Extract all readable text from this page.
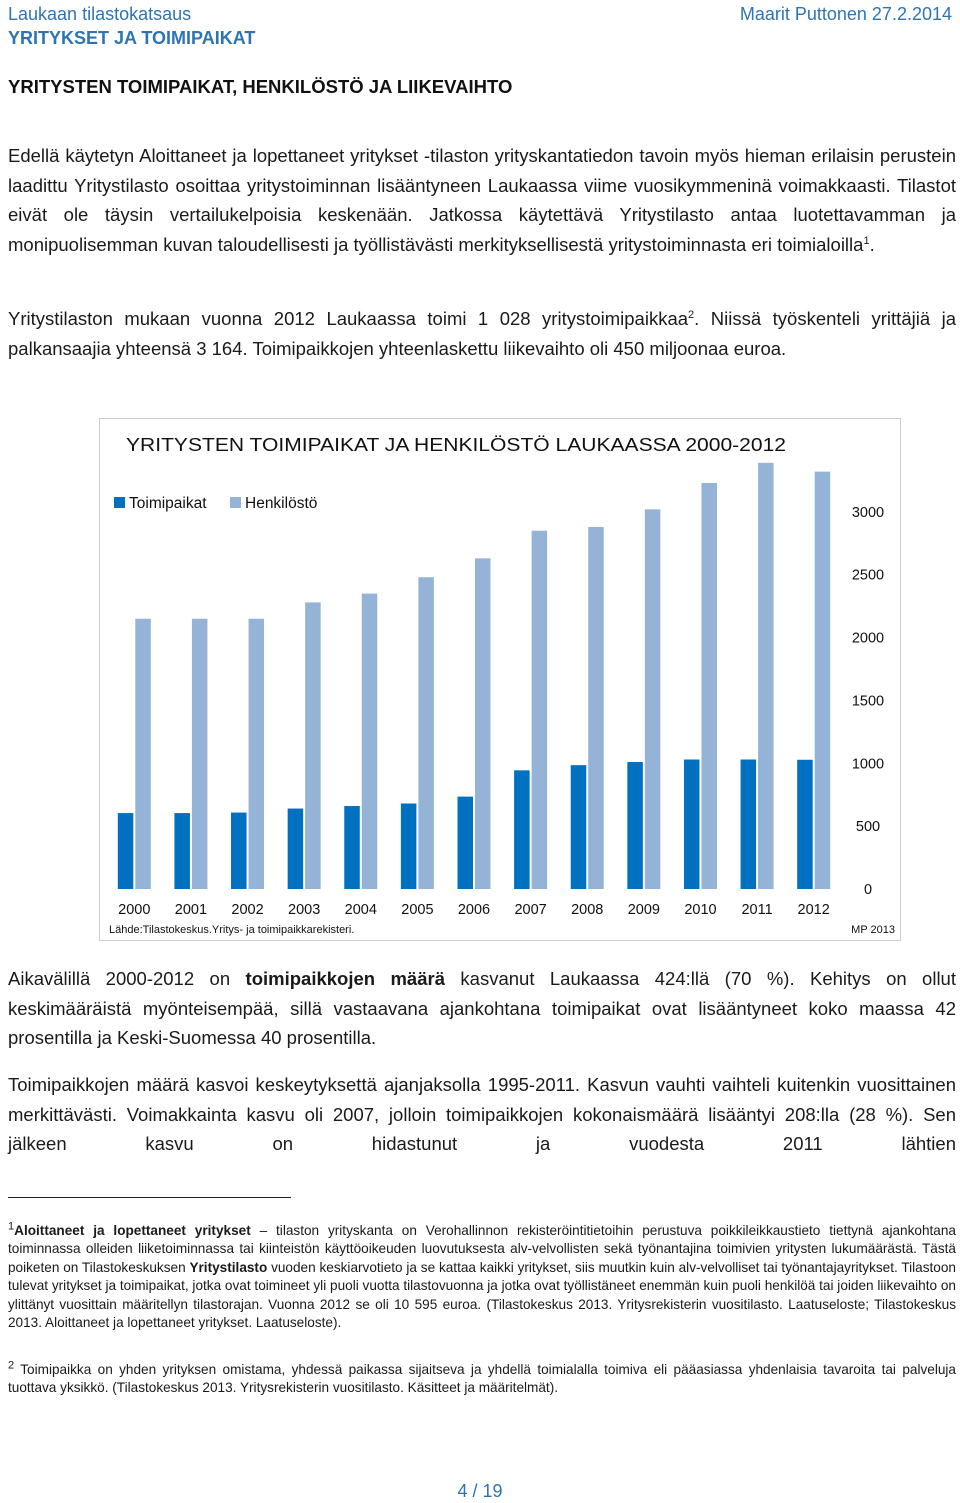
Laukaan tilastokatsaus	Maarit Puttonen 27.2.2014
YRITYKSET JA TOIMIPAIKAT
YRITYSTEN TOIMIPAIKAT, HENKILÖSTÖ JA LIIKEVAIHTO

Edellä käytetyn Aloittaneet ja lopettaneet yritykset -tilaston yrityskantatiedon tavoin myös hieman erilaisin perustein laadittu Yritystilasto osoittaa yritystoiminnan lisääntyneen Laukaassa viime vuosikymmeninä voimakkaasti. Tilastot eivät ole täysin vertailukelpoisia keskenään. Jatkossa käytettävä Yritystilasto antaa luotettavamman ja monipuolisemman kuvan taloudellisesti ja työllistävästi merkityksellisestä yritystoiminnasta eri toimialoilla$^1$.

Yritystilaston mukaan vuonna 2012 Laukaassa toimi 1 028 yritystoimipaikkaa$^2$. Niissä työskenteli yrittäjiä ja palkansaajia yhteensä 3 164. Toimipaikkojen yhteenlaskettu liikevaihto oli 450 miljoonaa euroa.

YRITYSTEN TOIMIPAIKAT JA HENKILÖSTÖ LAUKAASSA 2000-2012
2000 2001 2002 2003 2004 2005 2006 2007 2008 2009 2010 2011 2012
0
500
1000
1500
2000
2500
3000
Toimipaikat Henkilöstö
Lähde:Tilastokeskus.Yritys- ja toimipaikkarekisteri.	MP 2013

Aikavälillä 2000-2012 on toimipaikkojen määrä kasvanut Laukaassa 424:llä (70 %). Kehitys on ollut keskimääräistä myönteisempää, sillä vastaavana ajankohtana toimipaikat ovat lisääntyneet koko maassa 42 prosentilla ja Keski-Suomessa 40 prosentilla.

Toimipaikkojen määrä kasvoi keskeytyksettä ajanjaksolla 1995-2011. Kasvun vauhti vaihteli kuitenkin vuosittainen merkittävästi. Voimakkainta kasvu oli 2007, jolloin toimipaikkojen kokonaismäärä lisääntyi 208:lla (28 %). Sen jälkeen kasvu on hidastunut ja vuodesta 2011 lähtien

$^1$Aloittaneet ja lopettaneet yritykset – tilaston yrityskanta on Verohallinnon rekisteröintitietoihin perustuva poikkileikkaustieto tiettynä ajankohtana toiminnassa olleiden liiketoiminnassa tai kiinteistön käyttöoikeuden luovutuksesta alv-velvollisten sekä työnantajina toimivien yritysten lukumäärästä. Tästä poiketen on Tilastokeskuksen Yritystilasto vuoden keskiarvotieto ja se kattaa kaikki yritykset, siis muutkin kuin alv-velvolliset tai työnantajayritykset. Tilastoon tulevat yritykset ja toimipaikat, jotka ovat toimineet yli puoli vuotta tilastovuonna ja jotka ovat työllistäneet enemmän kuin puoli henkilöä tai joiden liikevaihto on ylittänyt vuosittain määritellyn tilastorajan. Vuonna 2012 se oli 10 595 euroa. (Tilastokeskus 2013. Yritysrekisterin vuositilasto. Laatuseloste; Tilastokeskus 2013. Aloittaneet ja lopettaneet yritykset. Laatuseloste).

$^2$ Toimipaikka on yhden yrityksen omistama, yhdessä paikassa sijaitseva ja yhdellä toimialalla toimiva eli pääasiassa yhdenlaisia tavaroita tai palveluja tuottava yksikkö. (Tilastokeskus 2013. Yritysrekisterin vuositilasto. Käsitteet ja määritelmät).

4 / 19
